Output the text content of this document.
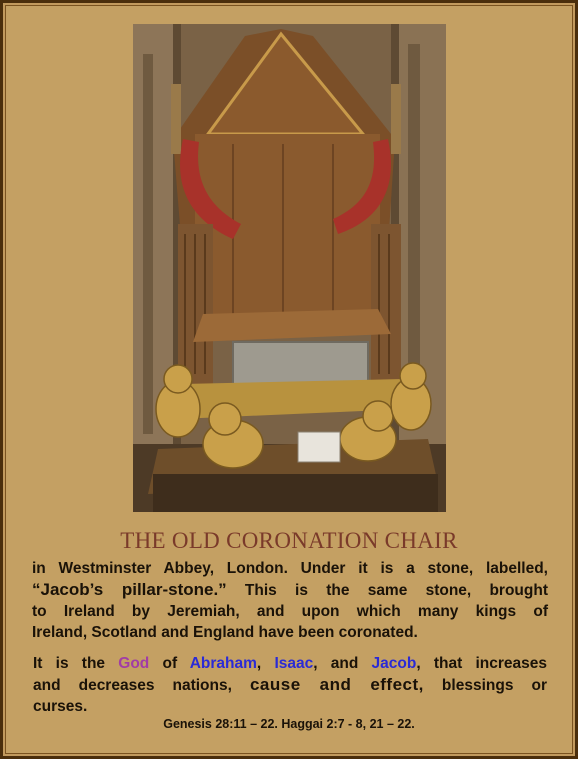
THE OLD CORONATION CHAIR
in Westminster Abbey, London. Under it is a stone, labelled,
“Jacob’s pillar-stone.” This is the same stone, brought
to Ireland by Jeremiah, and upon which many kings of
Ireland, Scotland and England have been coronated.
It is the God of Abraham, Isaac, and Jacob, that increases
and decreases nations, cause and effect, blessings or
curses.
Genesis 28:11 – 22. Haggai 2:7 - 8, 21 – 22.
